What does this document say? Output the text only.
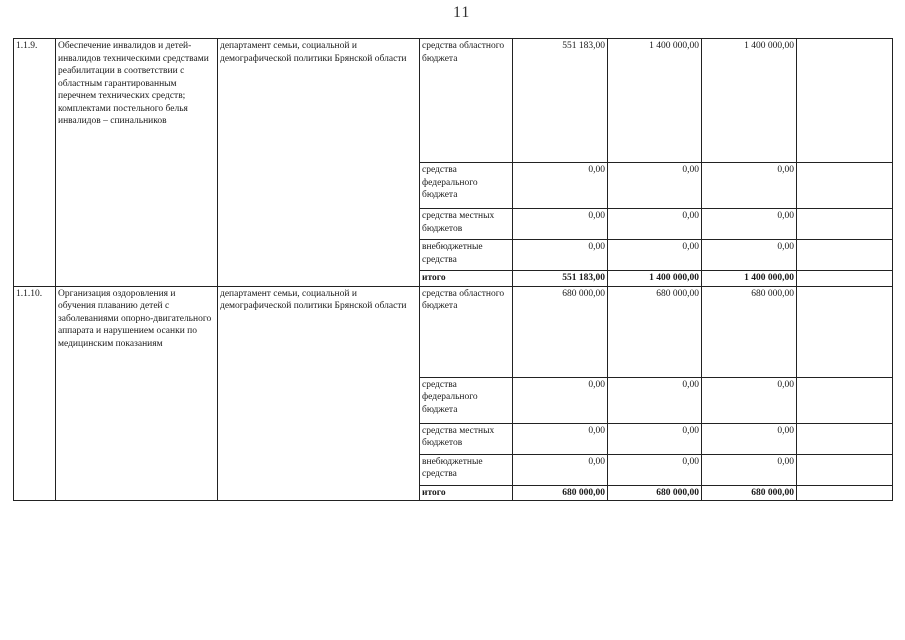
11
1.1.9.	Обеспечение инвалидов и детей-инвалидов техническими средствами реабилитации в соответствии с областным гарантированным перечнем технических средств; комплектами постельного белья инвалидов – спинальников	департамент семьи, социальной и демографической политики Брянской области	средства областного бюджета	551 183,00	1 400 000,00	1 400 000,00	
			средства федерального бюджета	0,00	0,00	0,00	
			средства местных бюджетов	0,00	0,00	0,00	
			внебюджетные средства	0,00	0,00	0,00	
			итого	551 183,00	1 400 000,00	1 400 000,00	
1.1.10.	Организация оздоровления и обучения плаванию детей с заболеваниями опорно-двигательного аппарата и нарушением осанки по медицинским показаниям	департамент семьи, социальной и демографической политики Брянской области	средства областного бюджета	680 000,00	680 000,00	680 000,00	
			средства федерального бюджета	0,00	0,00	0,00	
			средства местных бюджетов	0,00	0,00	0,00	
			внебюджетные средства	0,00	0,00	0,00	
			итого	680 000,00	680 000,00	680 000,00	
